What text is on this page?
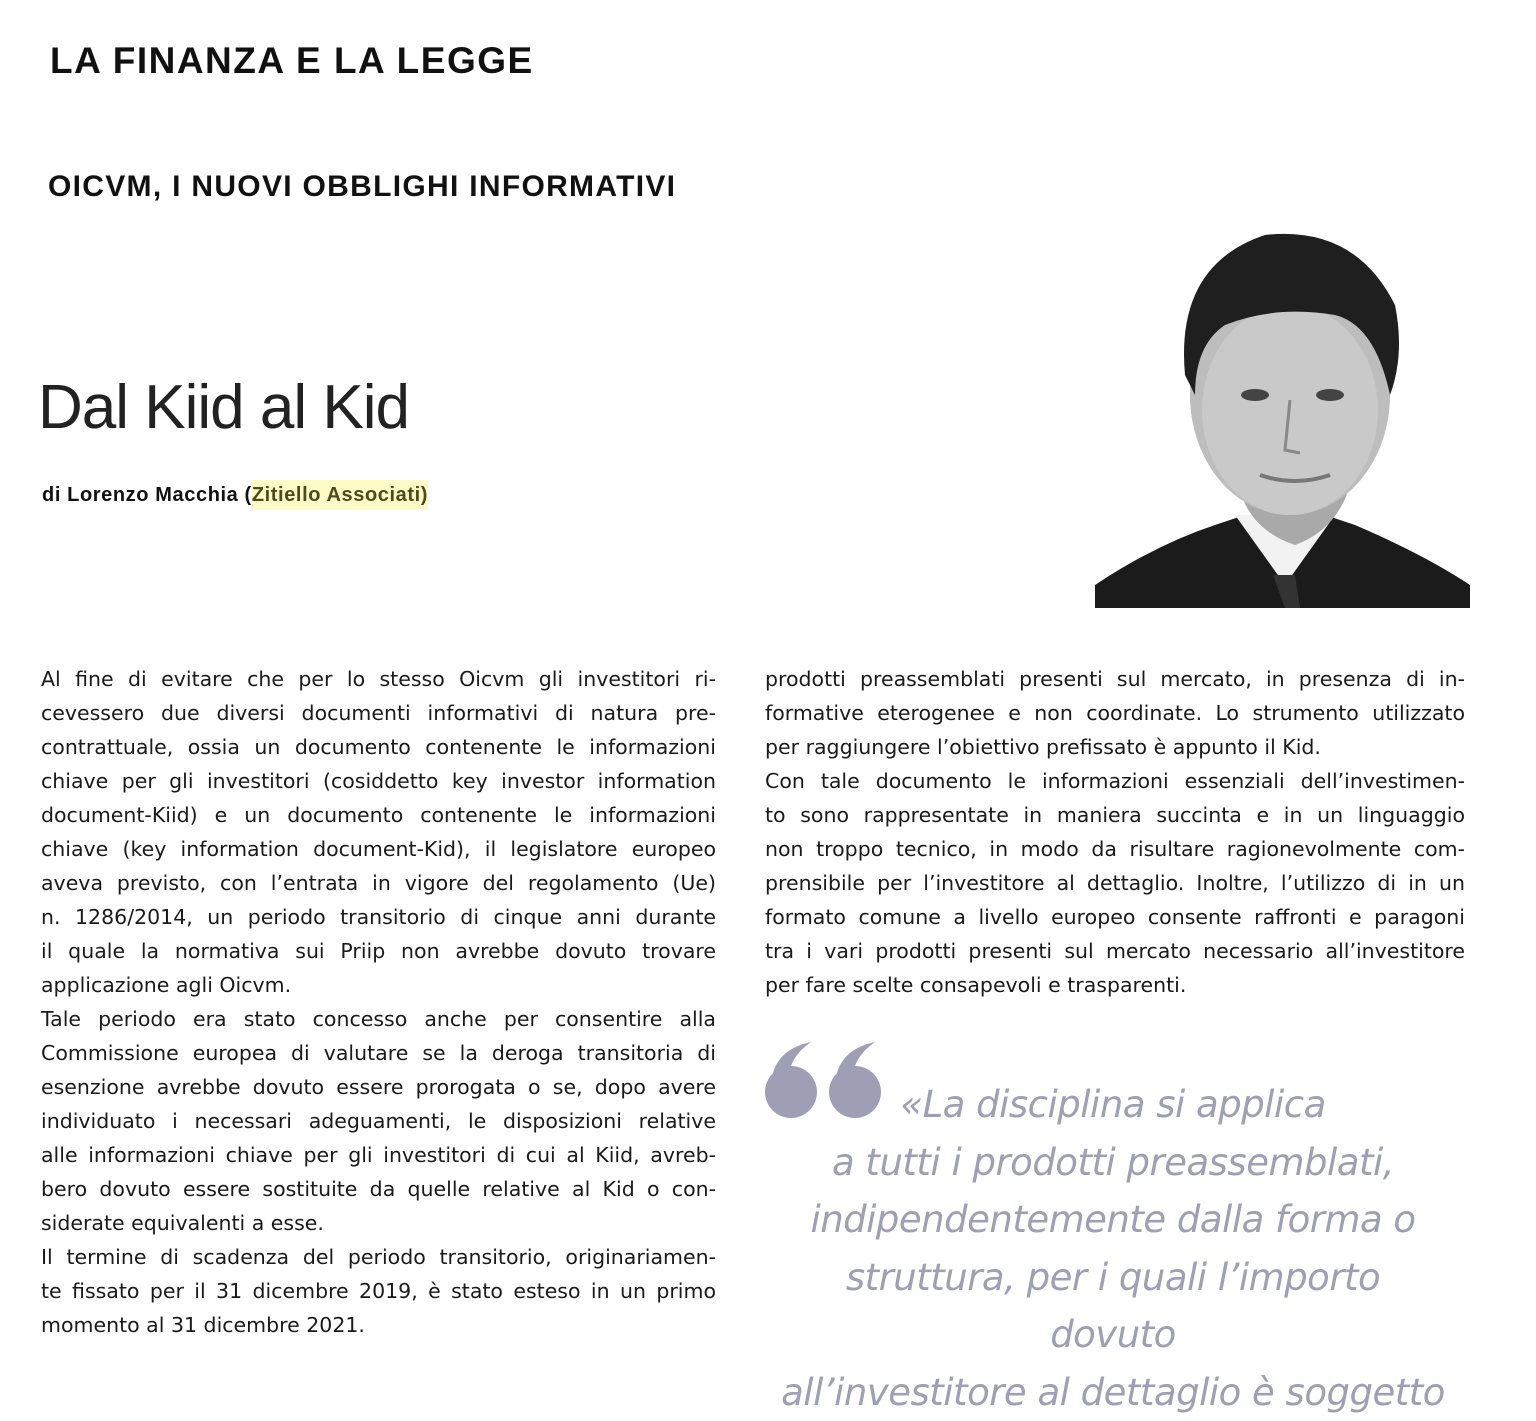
LA FINANZA E LA LEGGE
OICVM, I NUOVI OBBLIGHI INFORMATIVI
Dal Kiid al Kid
di Lorenzo Macchia (Zitiello Associati)
Al fine di evitare che per lo stesso Oicvm gli investitori ri-
cevessero due diversi documenti informativi di natura pre-
contrattuale, ossia un documento contenente le informazioni
chiave per gli investitori (cosiddetto key investor information
document-Kiid) e un documento contenente le informazioni
chiave (key information document-Kid), il legislatore europeo
aveva previsto, con l’entrata in vigore del regolamento (Ue)
n. 1286/2014, un periodo transitorio di cinque anni durante
il quale la normativa sui Priip non avrebbe dovuto trovare
applicazione agli Oicvm.
Tale periodo era stato concesso anche per consentire alla
Commissione europea di valutare se la deroga transitoria di
esenzione avrebbe dovuto essere prorogata o se, dopo avere
individuato i necessari adeguamenti, le disposizioni relative
alle informazioni chiave per gli investitori di cui al Kiid, avreb-
bero dovuto essere sostituite da quelle relative al Kid o con-
siderate equivalenti a esse.
Il termine di scadenza del periodo transitorio, originariamen-
te fissato per il 31 dicembre 2019, è stato esteso in un primo
momento al 31 dicembre 2021.
prodotti preassemblati presenti sul mercato, in presenza di in-
formative eterogenee e non coordinate. Lo strumento utilizzato
per raggiungere l’obiettivo prefissato è appunto il Kid.
Con tale documento le informazioni essenziali dell’investimen-
to sono rappresentate in maniera succinta e in un linguaggio
non troppo tecnico, in modo da risultare ragionevolmente com-
prensibile per l’investitore al dettaglio. Inoltre, l’utilizzo di in un
formato comune a livello europeo consente raffronti e paragoni
tra i vari prodotti presenti sul mercato necessario all’investitore
per fare scelte consapevoli e trasparenti.
«La disciplina si applica
a tutti i prodotti preassemblati,
indipendentemente dalla forma o
struttura, per i quali l’importo dovuto
all’investitore al dettaglio è soggetto
